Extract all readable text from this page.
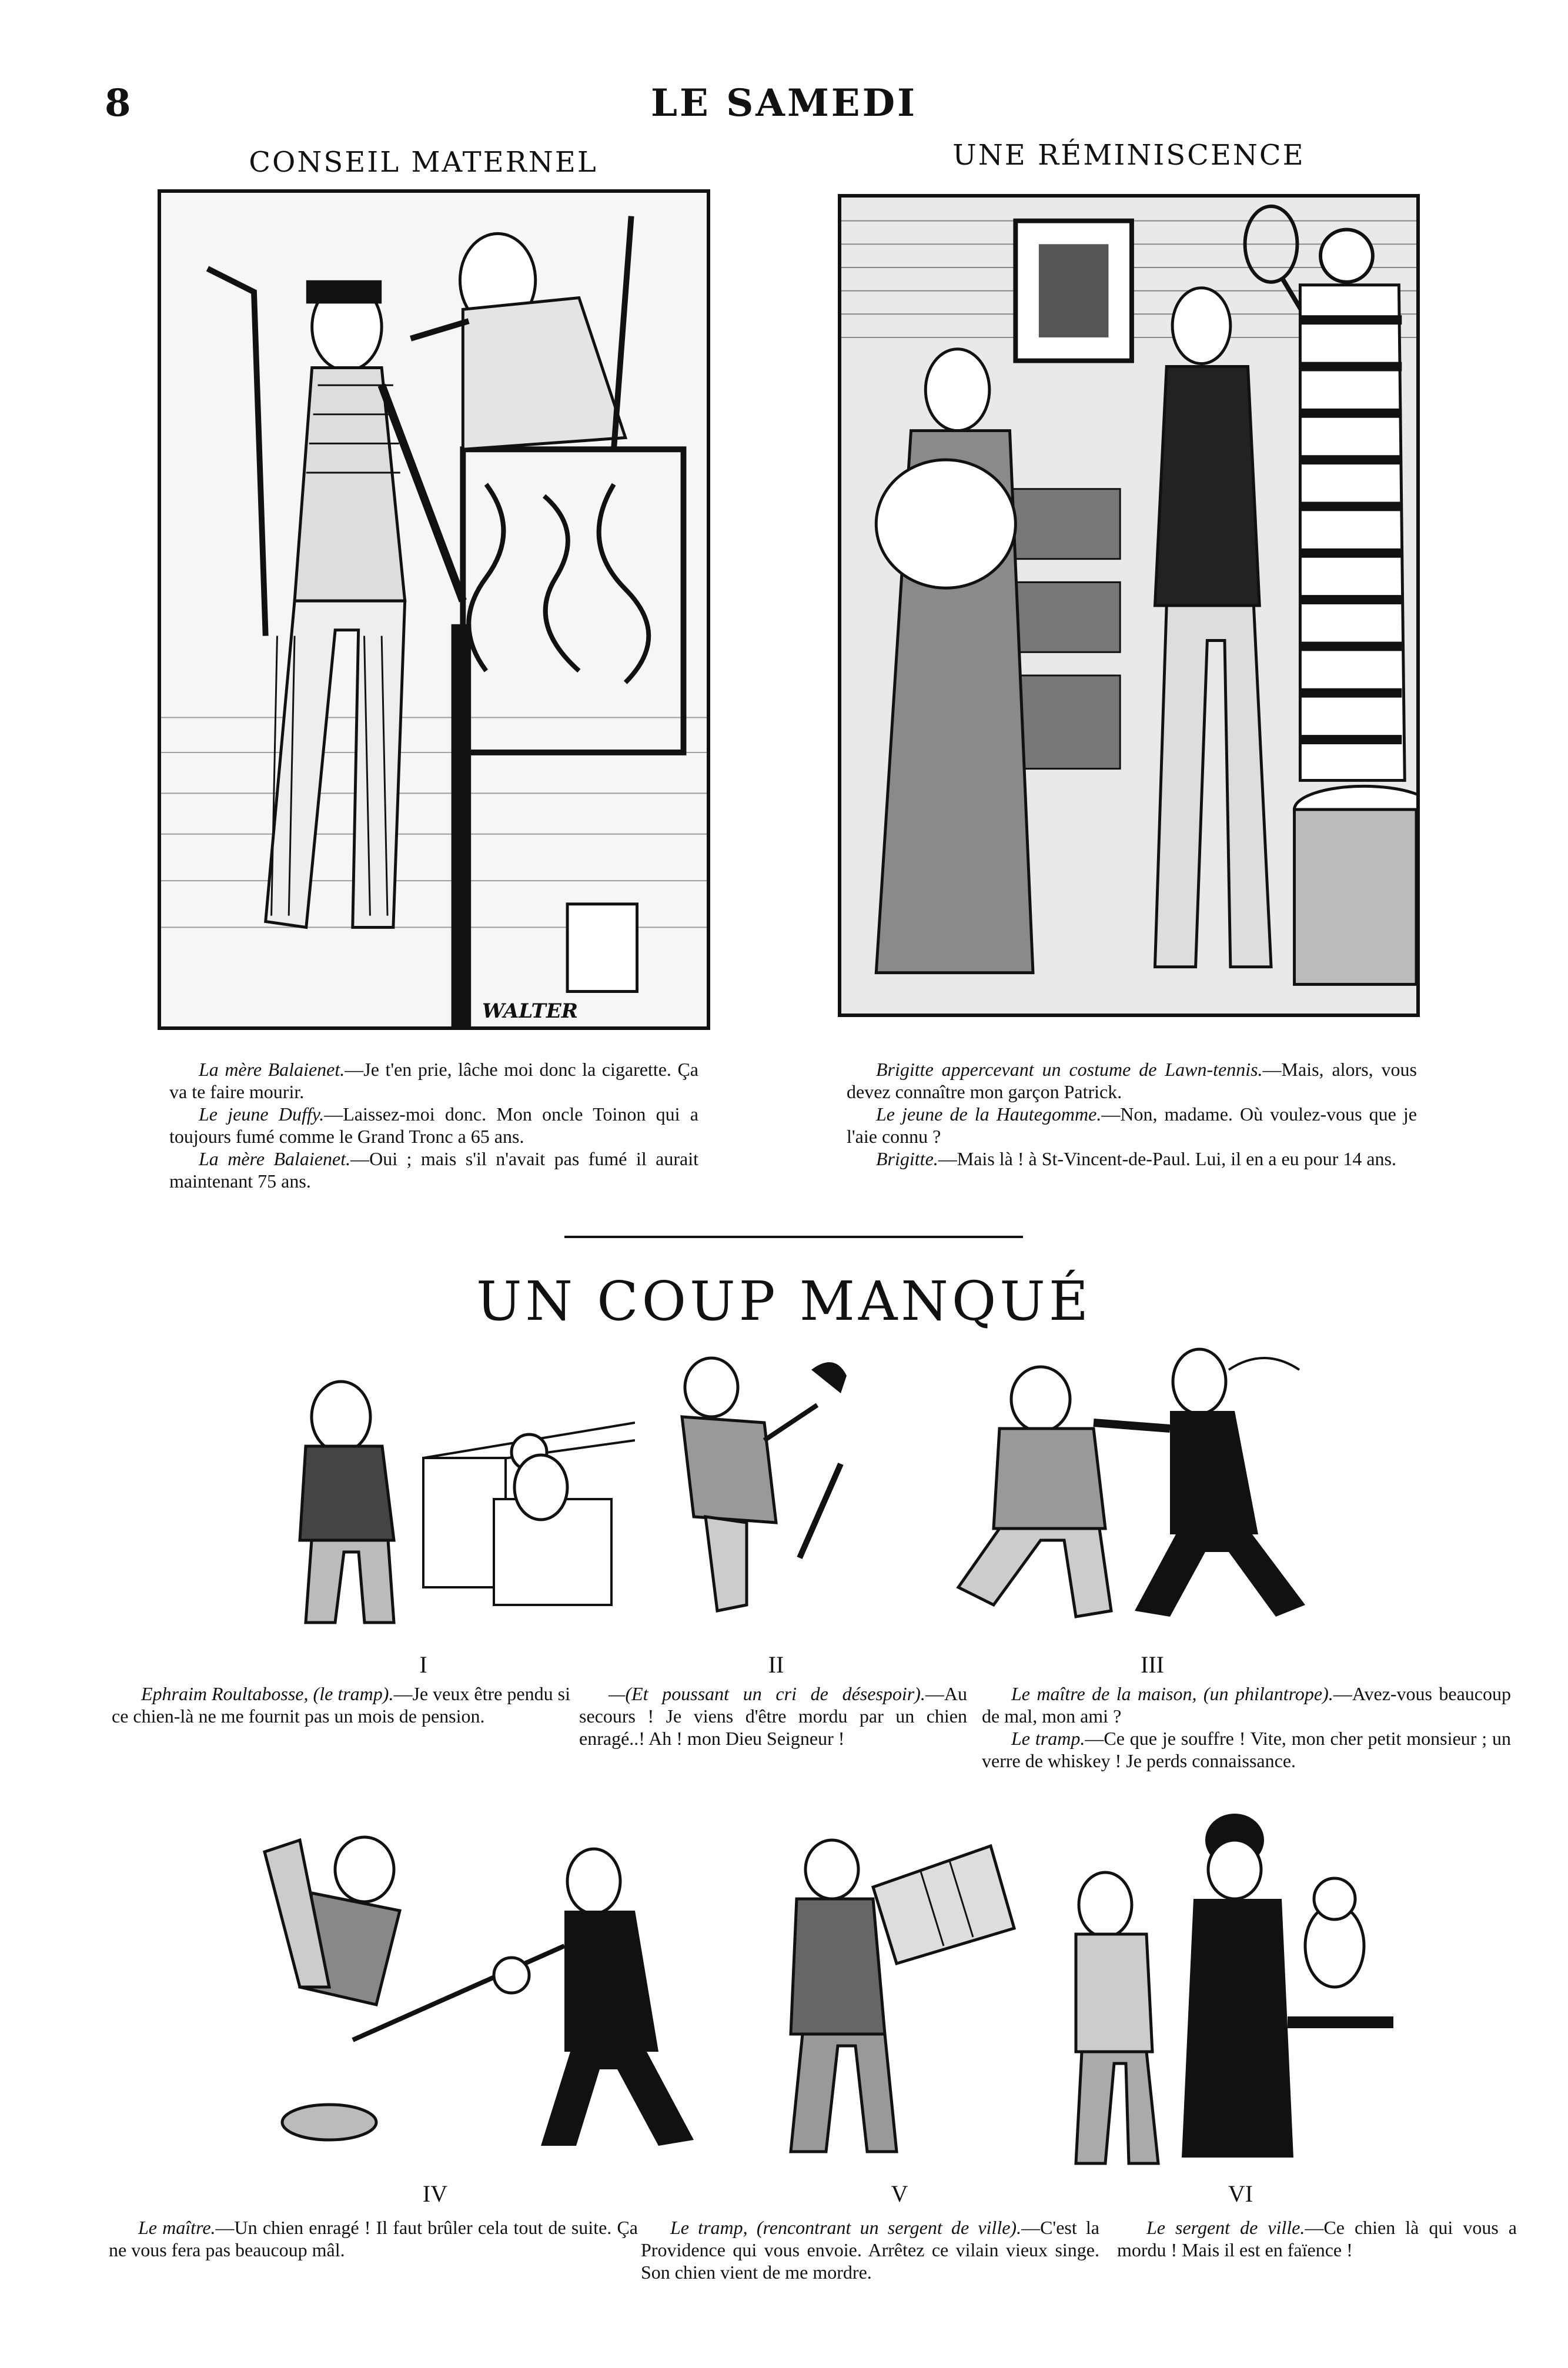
8	LE SAMEDI
CONSEIL MATERNEL
WALTER

La mère Balaienet.—Je t'en prie, lâche moi donc la cigarette. Ça va te faire mourir.

Le jeune Duffy.—Laissez-moi donc. Mon oncle Toinon qui a toujours fumé comme le Grand Tronc a 65 ans.

La mère Balaienet.—Oui ; mais s'il n'avait pas fumé il aurait maintenant 75 ans.

UNE RÉMINISCENCE

Brigitte appercevant un costume de Lawn-tennis.—Mais, alors, vous devez connaître mon garçon Patrick.

Le jeune de la Hautegomme.—Non, madame. Où voulez-vous que je l'aie connu ?

Brigitte.—Mais là ! à St-Vincent-de-Paul. Lui, il en a eu pour 14 ans.

UN COUP MANQUÉ
I	II	III

Ephraim Roultabosse, (le tramp).—Je veux être pendu si ce chien-là ne me fournit pas un mois de pension.

—(Et poussant un cri de désespoir).—Au secours ! Je viens d'être mordu par un chien enragé..! Ah ! mon Dieu Seigneur !

Le maître de la maison, (un philantrope).—Avez-vous beaucoup de mal, mon ami ?

Le tramp.—Ce que je souffre ! Vite, mon cher petit monsieur ; un verre de whiskey ! Je perds connaissance.

IV	V	VI

Le maître.—Un chien enragé ! Il faut brûler cela tout de suite. Ça ne vous fera pas beaucoup mâl.

Le tramp, (rencontrant un sergent de ville).—C'est la Providence qui vous envoie. Arrêtez ce vilain vieux singe. Son chien vient de me mordre.

Le sergent de ville.—Ce chien là qui vous a mordu ! Mais il est en faïence !
